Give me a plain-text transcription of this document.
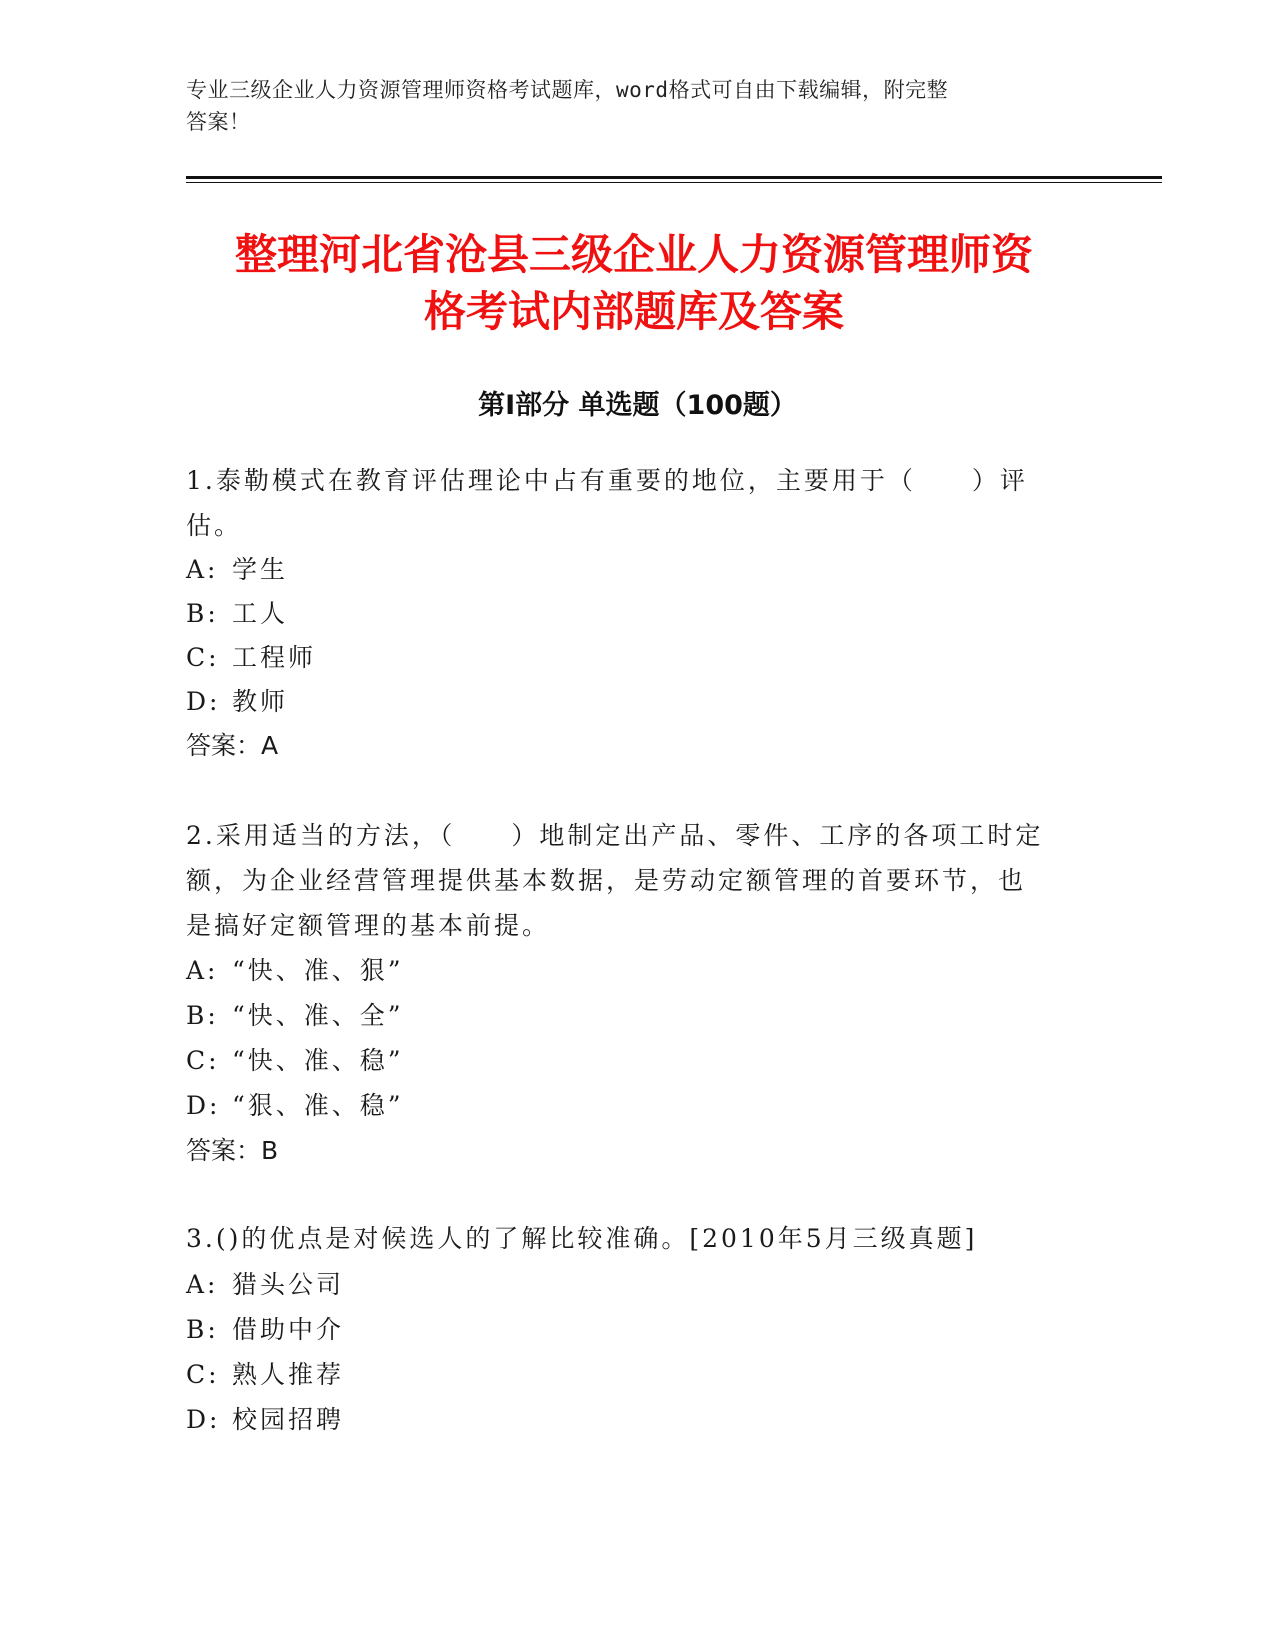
专业三级企业人力资源管理师资格考试题库，word格式可自由下载编辑，附完整
答案！
整理河北省沧县三级企业人力资源管理师资
格考试内部题库及答案
第Ⅰ部分 单选题（100题）
1.泰勒模式在教育评估理论中占有重要的地位，主要用于（　　）评
估。
A: 学生
B: 工人
C: 工程师
D: 教师
答案：A
2.采用适当的方法，（　　）地制定出产品、零件、工序的各项工时定
额，为企业经营管理提供基本数据，是劳动定额管理的首要环节，也
是搞好定额管理的基本前提。
A: “快、准、狠”
B: “快、准、全”
C: “快、准、稳”
D: “狠、准、稳”
答案：B
3.()的优点是对候选人的了解比较准确。[2010年5月三级真题]
A: 猎头公司
B: 借助中介
C: 熟人推荐
D: 校园招聘
